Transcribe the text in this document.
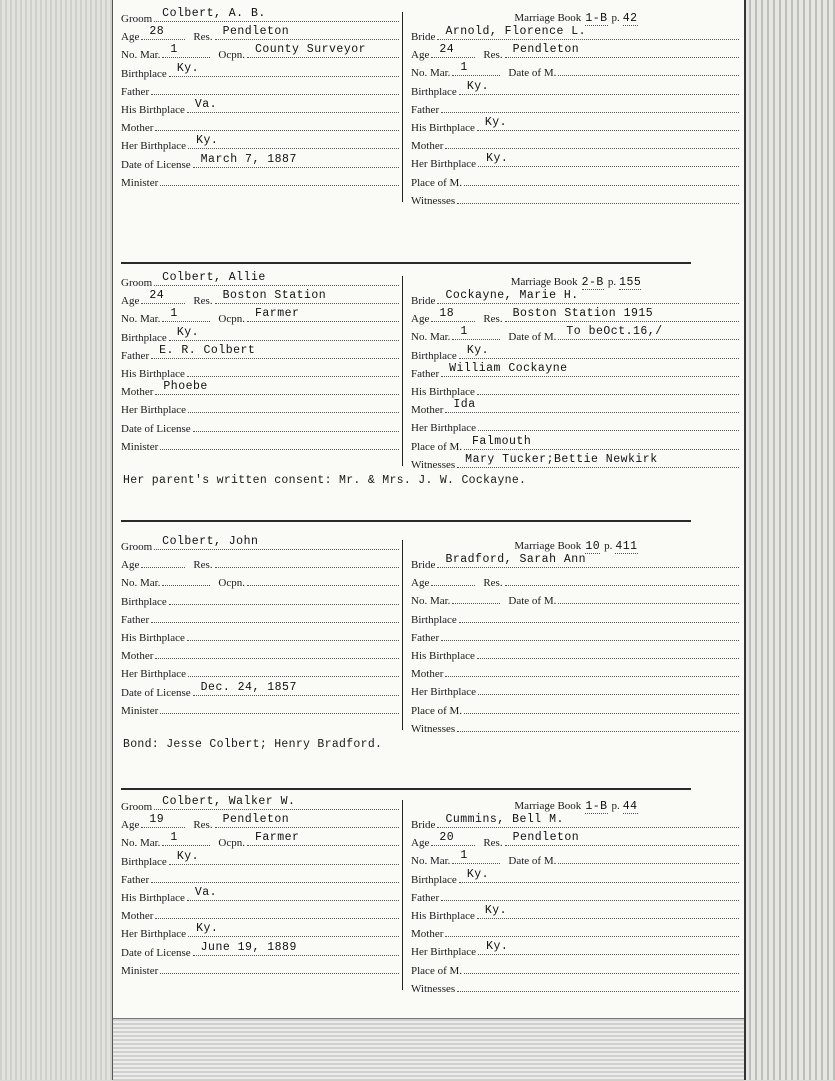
Groom Colbert, A. B.
Age 28	Res. Pendleton
No. Mar. 1	Ocpn. County Surveyor
Birthplace Ky.
Father
His Birthplace Va.
Mother
Her Birthplace Ky.
Date of License March 7, 1887
Minister
Marriage Book 1-B p. 42
Bride Arnold, Florence L.
Age 24	Res. Pendleton
No. Mar. 1	Date of M.
Birthplace Ky.
Father
His Birthplace Ky.
Mother
Her Birthplace Ky.
Place of M.
Witnesses
Groom Colbert, Allie
Age 24	Res. Boston Station
No. Mar. 1	Ocpn. Farmer
Birthplace Ky.
Father E. R. Colbert
His Birthplace
Mother Phoebe
Her Birthplace
Date of License
Minister
Marriage Book 2-B p. 155
Bride Cockayne, Marie H.
Age 18	Res. Boston Station 1915
No. Mar. 1	Date of M. To beOct.16,/
Birthplace Ky.
Father William Cockayne
His Birthplace
Mother Ida
Her Birthplace
Place of M. Falmouth
Witnesses Mary Tucker;Bettie Newkirk
Her parent's written consent: Mr. & Mrs. J. W. Cockayne.
Groom Colbert, John
Age	Res.
No. Mar.	Ocpn.
Birthplace
Father
His Birthplace
Mother
Her Birthplace
Date of License Dec. 24, 1857
Minister
Marriage Book 10 p. 411
Bride Bradford, Sarah Ann
Age	Res.
No. Mar.	Date of M.
Birthplace
Father
His Birthplace
Mother
Her Birthplace
Place of M.
Witnesses
Bond: Jesse Colbert; Henry Bradford.
Groom Colbert, Walker W.
Age 19	Res. Pendleton
No. Mar. 1	Ocpn. Farmer
Birthplace Ky.
Father
His Birthplace Va.
Mother
Her Birthplace Ky.
Date of License June 19, 1889
Minister
Marriage Book 1-B p. 44
Bride Cummins, Bell M.
Age 20	Res. Pendleton
No. Mar. 1	Date of M.
Birthplace Ky.
Father
His Birthplace Ky.
Mother
Her Birthplace Ky.
Place of M.
Witnesses
